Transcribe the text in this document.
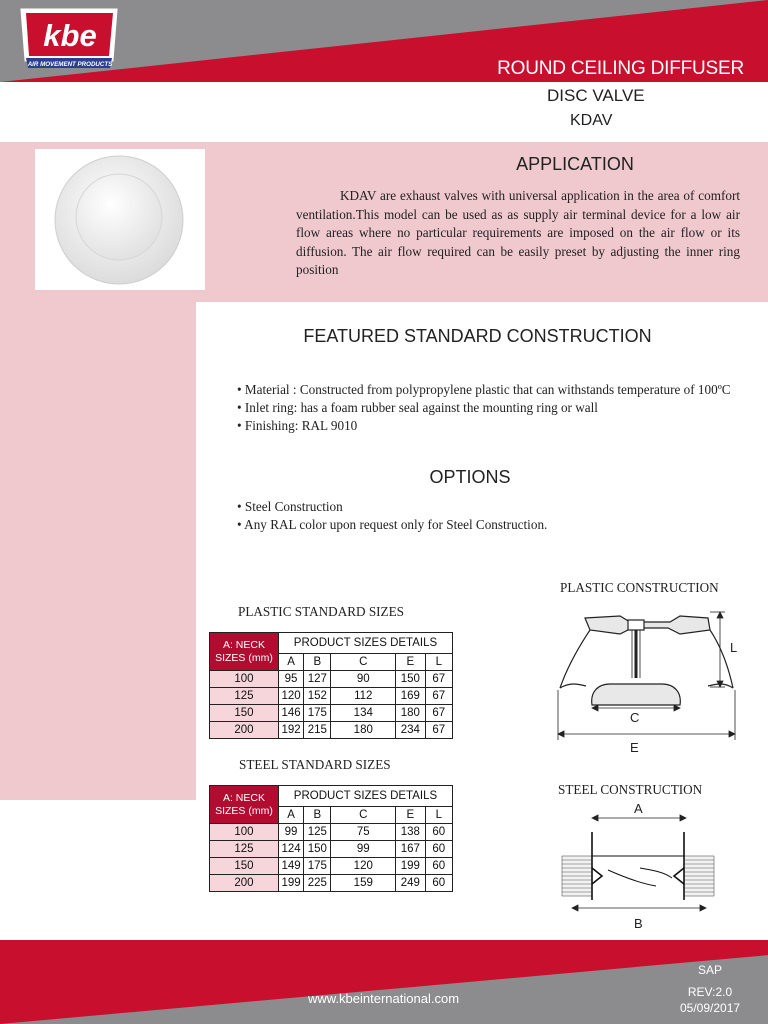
kbe
AIR MOVEMENT PRODUCTS	ROUND CEILING DIFFUSER
DISC VALVE
KDAV
APPLICATION
KDAV are exhaust valves with universal application in the area of comfort ventilation.This model can be used as as supply air terminal device for a low air flow areas where no particular requirements are imposed on the air flow or its diffusion. The air flow required can be easily preset by adjusting the inner ring position
FEATURED STANDARD CONSTRUCTION
• Material : Constructed from polypropylene plastic that can withstands temperature of 100ºC
• Inlet ring: has a foam rubber seal against the mounting ring or wall
• Finishing: RAL 9010
OPTIONS
• Steel Construction
• Any RAL color upon request only for Steel Construction.
PLASTIC STANDARD SIZES
A: NECK SIZES (mm)	PRODUCT SIZES DETAILS				
	A	B	C	E	L
100	95	127	90	150	67
125	120	152	112	169	67
150	146	175	134	180	67
200	192	215	180	234	67
STEEL STANDARD SIZES
A: NECK SIZES (mm)	PRODUCT SIZES DETAILS				
	A	B	C	E	L
100	99	125	75	138	60
125	124	150	99	167	60
150	149	175	120	199	60
200	199	225	159	249	60
PLASTIC CONSTRUCTION
L
C
E
STEEL CONSTRUCTION
A
B
www.kbeinternational.com
SAP
REV:2.0
05/09/2017
